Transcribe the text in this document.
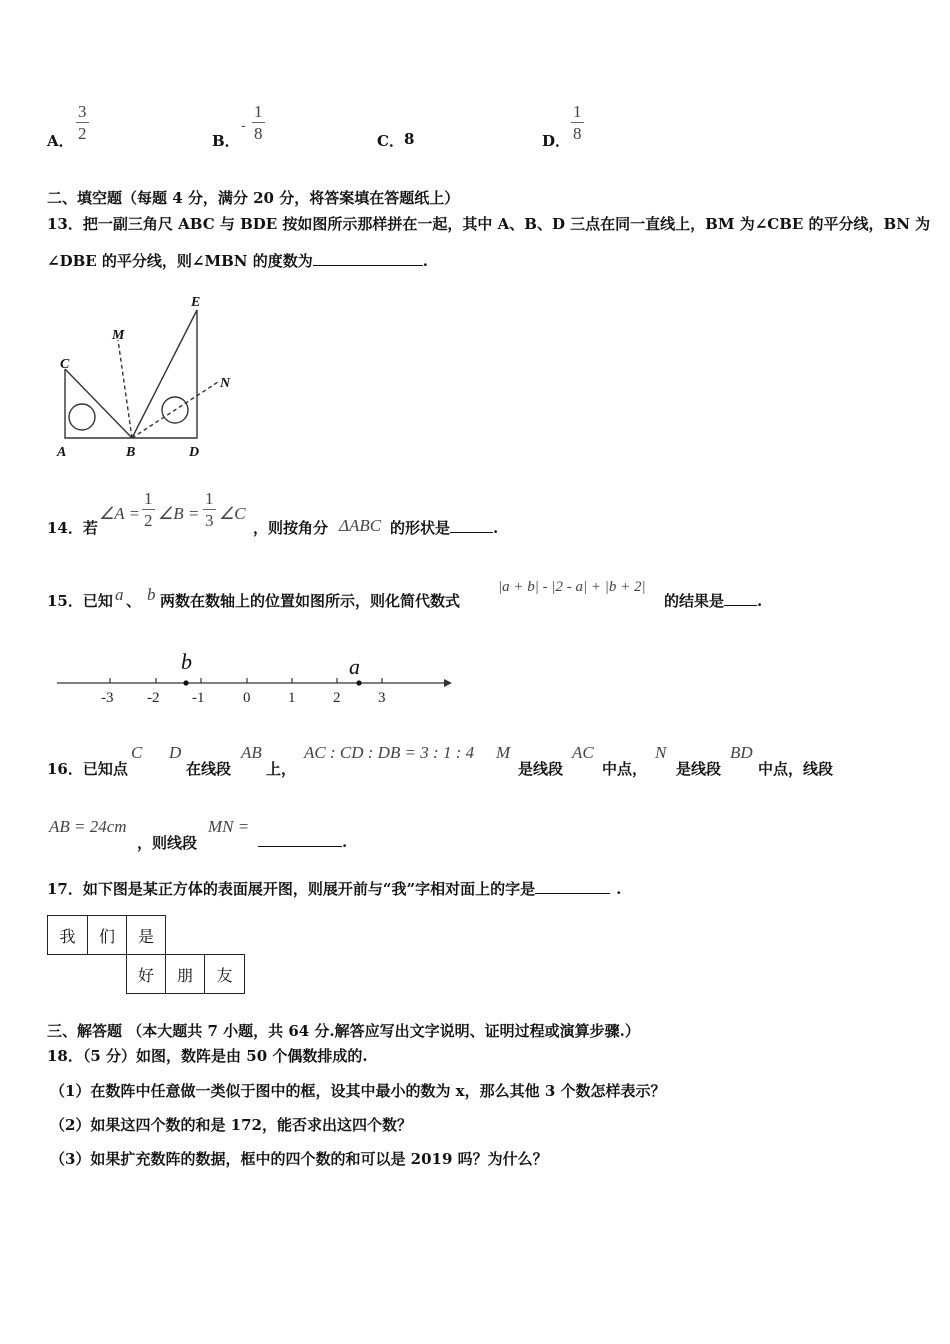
A． $\frac{3}{2}$	B．
- $\frac{1}{8}$	C． 8	D． $\frac{1}{8}$
二、填空题（每题 4 分，满分 20 分，将答案填在答题纸上）
13．把一副三角尺 ABC 与 BDE 按如图所示那样拼在一起，其中 A、B、D 三点在同一直线上，BM 为∠CBE 的平分线，BN 为
∠DBE 的平分线，则∠MBN 的度数为	.
E
M
C
N
A	B	D
14．若
∠A = $\frac{1}{2}$ ∠B = $\frac{1}{3}$ ∠C
，则按角分 ΔABC 的形状是	.
15．已知 a 、 b 两数在数轴上的位置如图所示，则化简代数式
|a + b| - |2 - a| + |b + 2|
的结果是 .
-3 -2 -1	0	1	2	3
b	a
16．已知点
C D
在线段
AB
上，
AC : CD : DB = 3 : 1 : 4 M
是线段
AC
中点，
N
是线段
BD
中点，线段
AB = 24cm
，则线段
MN =
.
17．如下图是某正方体的表面展开图，则展开前与“我”字相对面上的字是	.
我	们	是
好	朋	友
三、解答题 （本大题共 7 小题，共 64 分.解答应写出文字说明、证明过程或演算步骤.）
18．（5 分）如图，数阵是由 50 个偶数排成的.
（1）在数阵中任意做一类似于图中的框，设其中最小的数为 x，那么其他 3 个数怎样表示？
（2）如果这四个数的和是 172，能否求出这四个数？
（3）如果扩充数阵的数据，框中的四个数的和可以是 2019 吗？为什么？
